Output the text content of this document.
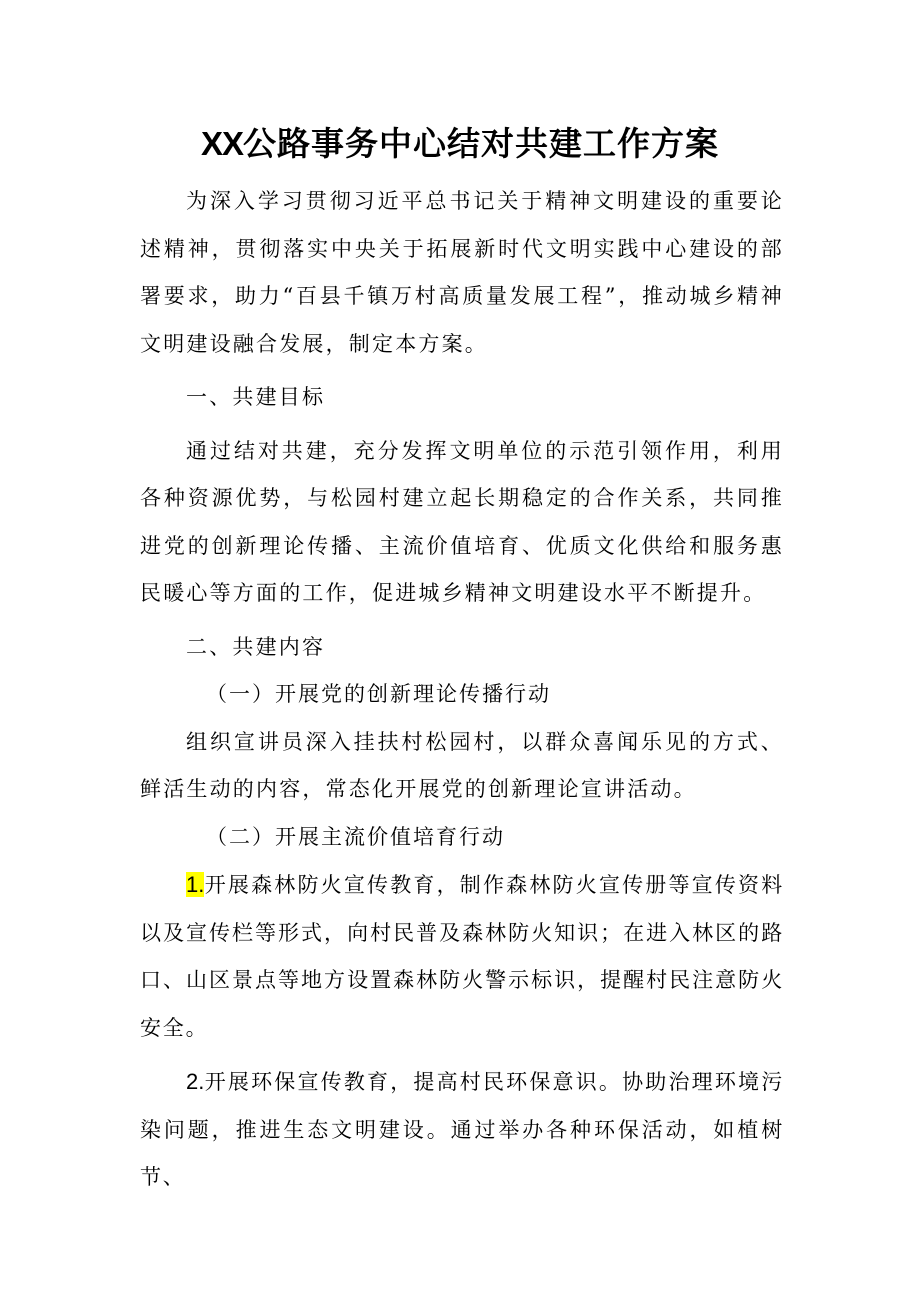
XX公路事务中心结对共建工作方案

为深入学习贯彻习近平总书记关于精神文明建设的重要论述精神，贯彻落实中央关于拓展新时代文明实践中心建设的部署要求，助力“百县千镇万村高质量发展工程”，推动城乡精神文明建设融合发展，制定本方案。

一、共建目标

通过结对共建，充分发挥文明单位的示范引领作用，利用各种资源优势，与松园村建立起长期稳定的合作关系，共同推进党的创新理论传播、主流价值培育、优质文化供给和服务惠民暖心等方面的工作，促进城乡精神文明建设水平不断提升。

二、共建内容

（一）开展党的创新理论传播行动

组织宣讲员深入挂扶村松园村，以群众喜闻乐见的方式、鲜活生动的内容，常态化开展党的创新理论宣讲活动。

（二）开展主流价值培育行动

1.开展森林防火宣传教育，制作森林防火宣传册等宣传资料以及宣传栏等形式，向村民普及森林防火知识；在进入林区的路口、山区景点等地方设置森林防火警示标识，提醒村民注意防火安全。

2.开展环保宣传教育，提高村民环保意识。协助治理环境污染问题，推进生态文明建设。通过举办各种环保活动，如植树节、
